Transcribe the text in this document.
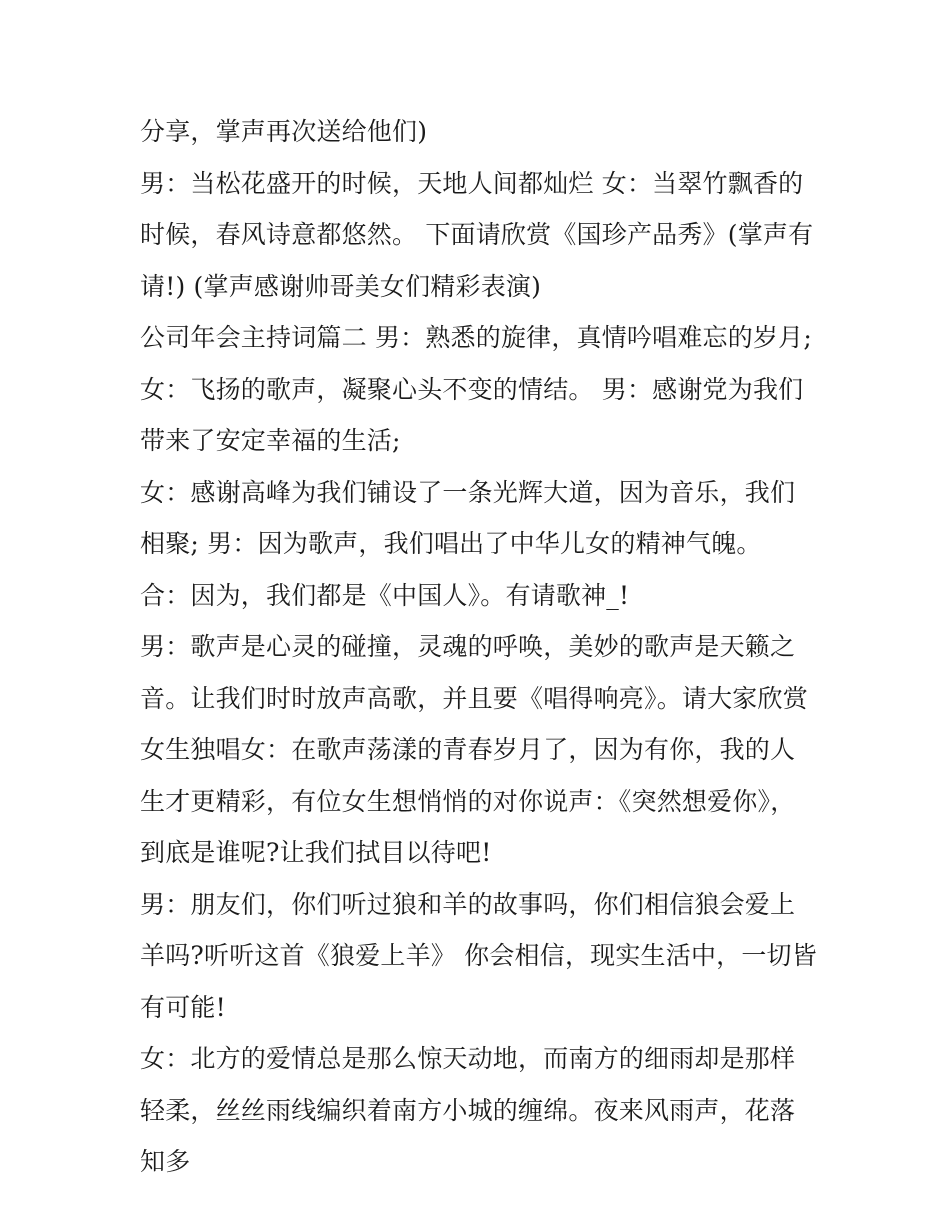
分享，掌声再次送给他们)

男：当松花盛开的时候，天地人间都灿烂 女：当翠竹飘香的时候，春风诗意都悠然。 下面请欣赏《国珍产品秀》(掌声有请!) (掌声感谢帅哥美女们精彩表演)

公司年会主持词篇二 男：熟悉的旋律，真情吟唱难忘的岁月;女：飞扬的歌声，凝聚心头不变的情结。 男：感谢党为我们带来了安定幸福的生活;

女：感谢高峰为我们铺设了一条光辉大道，因为音乐，我们相聚; 男：因为歌声，我们唱出了中华儿女的精神气魄。 合：因为，我们都是《中国人》。有请歌神_!

男：歌声是心灵的碰撞，灵魂的呼唤，美妙的歌声是天籁之音。让我们时时放声高歌，并且要《唱得响亮》。请大家欣赏女生独唱女：在歌声荡漾的青春岁月了，因为有你，我的人生才更精彩，有位女生想悄悄的对你说声：《突然想爱你》，到底是谁呢?让我们拭目以待吧!

男：朋友们，你们听过狼和羊的故事吗，你们相信狼会爱上羊吗?听听这首《狼爱上羊》 你会相信，现实生活中，一切皆有可能!

女：北方的爱情总是那么惊天动地，而南方的细雨却是那样轻柔，丝丝雨线编织着南方小城的缠绵。夜来风雨声，花落知多
